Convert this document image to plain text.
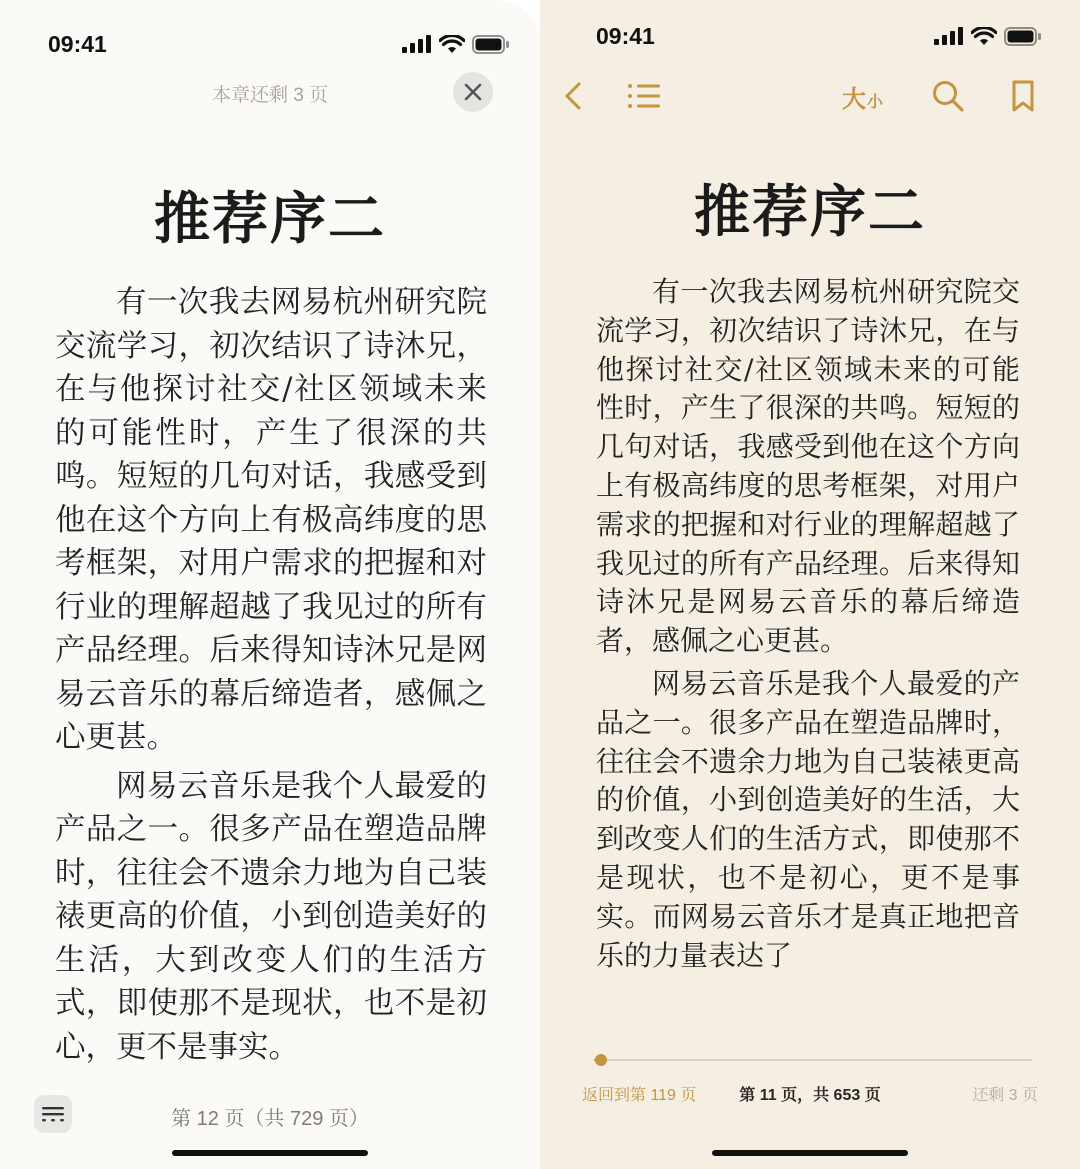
09:41
本章还剩 3 页
推荐序二

有一次我去网易杭州研究院交流学习，初次结识了诗沐兄，在与他探讨社交/社区领域未来的可能性时，产生了很深的共鸣。短短的几句对话，我感受到他在这个方向上有极高纬度的思考框架，对用户需求的把握和对行业的理解超越了我见过的所有产品经理。后来得知诗沐兄是网易云音乐的幕后缔造者，感佩之心更甚。

网易云音乐是我个人最爱的产品之一。很多产品在塑造品牌时，往往会不遗余力地为自己装裱更高的价值，小到创造美好的生活，大到改变人们的生活方式，即使那不是现状，也不是初心，更不是事实。

第 12 页（共 729 页）
09:41
大 小
推荐序二

有一次我去网易杭州研究院交流学习，初次结识了诗沐兄，在与他探讨社交/社区领域未来的可能性时，产生了很深的共鸣。短短的几句对话，我感受到他在这个方向上有极高纬度的思考框架，对用户需求的把握和对行业的理解超越了我见过的所有产品经理。后来得知诗沐兄是网易云音乐的幕后缔造者，感佩之心更甚。

网易云音乐是我个人最爱的产品之一。很多产品在塑造品牌时，往往会不遗余力地为自己装裱更高的价值，小到创造美好的生活，大到改变人们的生活方式，即使那不是现状，也不是初心，更不是事实。而网易云音乐才是真正地把音乐的力量表达了

返回到第 119 页	第 11 页，共 653 页	还剩 3 页
